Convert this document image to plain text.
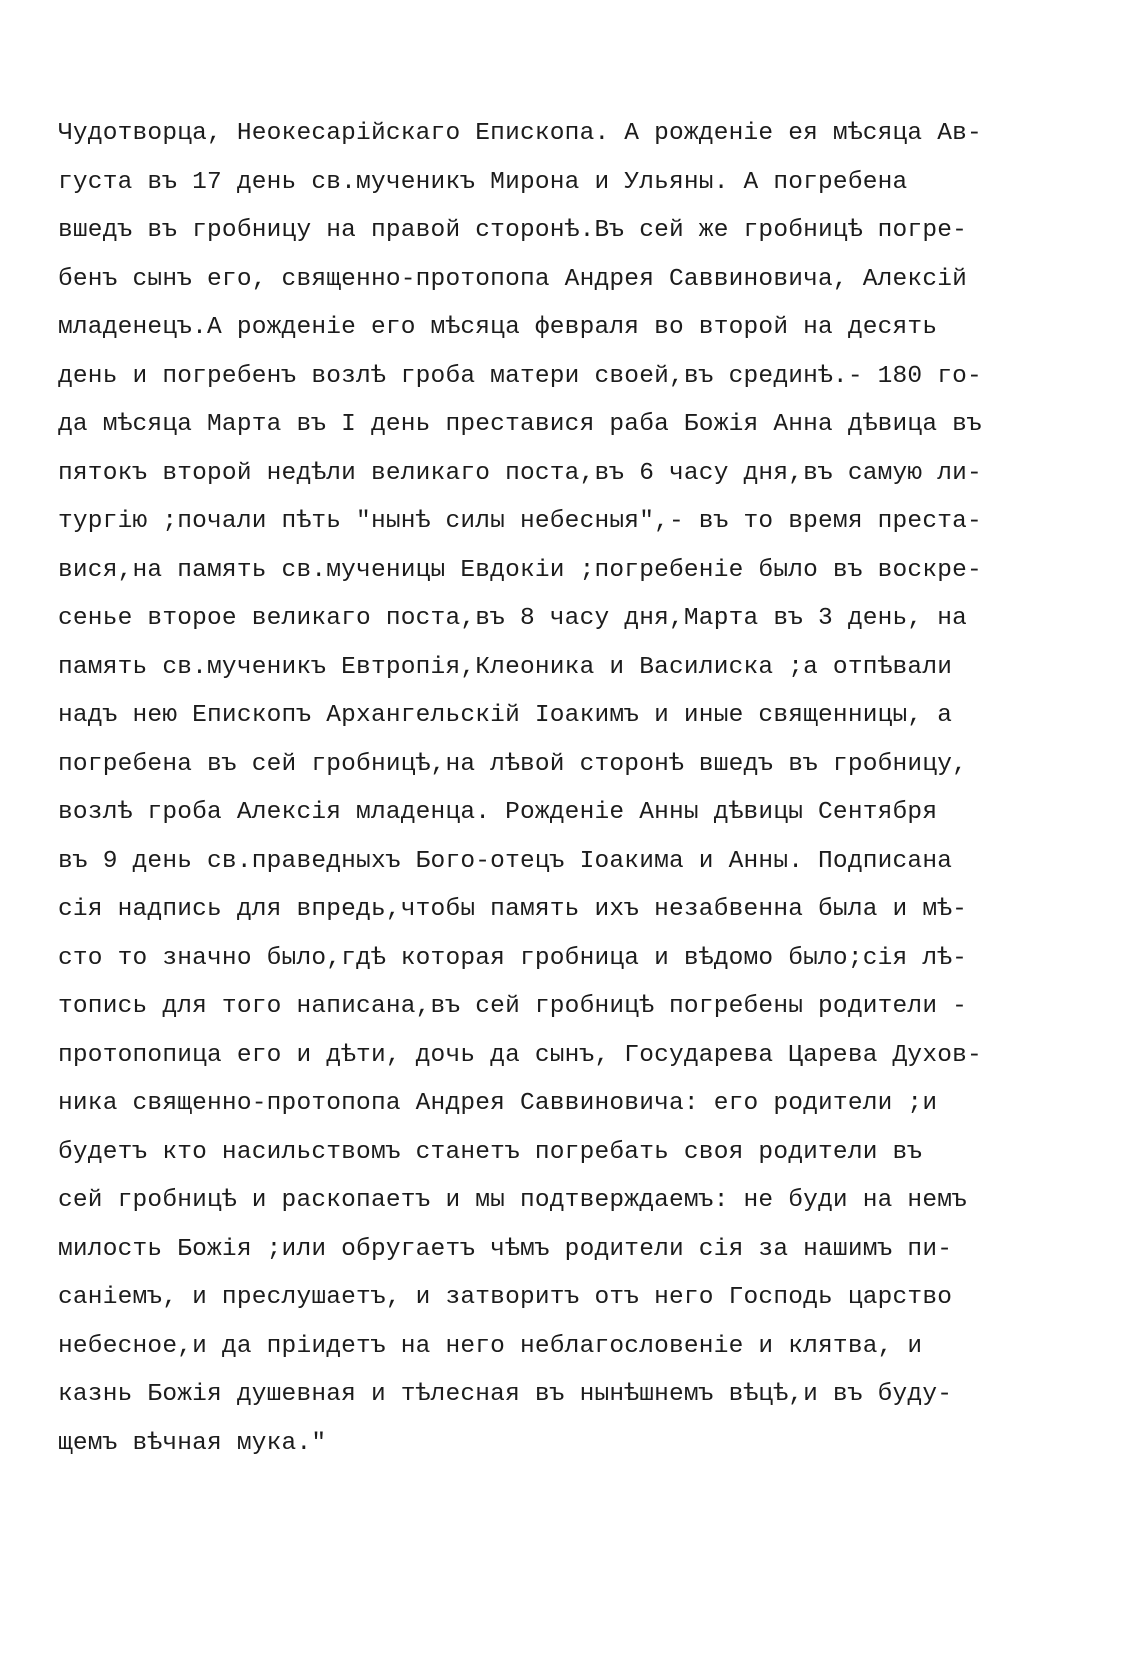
Чудотворца, Неокесарійскаго Епископа. А рожденіе ея мѣсяца Ав-
густа въ 17 день св.мученикъ Мирона и Ульяны. А погребена
вшедъ въ гробницу на правой сторонѣ.Въ сей же гробницѣ погре-
бенъ сынъ его, священно-протопопа Андрея Саввиновича, Алексій
младенецъ.А рожденіе его мѣсяца февраля во второй на десять
день и погребенъ возлѣ гроба матери своей,въ срединѣ.- 180 го-
да мѣсяца Марта въ I день преставися раба Божія Анна дѣвица въ
пятокъ второй недѣли великаго поста,въ 6 часу дня,въ самую ли-
тургію ;почали пѣть "нынѣ силы небесныя",- въ то время преста-
вися,на память св.мученицы Евдокіи ;погребеніе было въ воскре-
сенье второе великаго поста,въ 8 часу дня,Марта въ 3 день, на
память св.мученикъ Евтропія,Клеоника и Василиска ;а отпѣвали
надъ нею Епископъ Архангельскій Іоакимъ и иные священницы, а
погребена въ сей гробницѣ,на лѣвой сторонѣ вшедъ въ гробницу,
возлѣ гроба Алексія младенца. Рожденіе Анны дѣвицы Сентября
въ 9 день св.праведныхъ Бого-отецъ Іоакима и Анны. Подписана
сія надпись для впредь,чтобы память ихъ незабвенна была и мѣ-
сто то значно было,гдѣ которая гробница и вѣдомо было;сія лѣ-
топись для того написана,въ сей гробницѣ погребены родители -
протопопица его и дѣти, дочь да сынъ, Государева Царева Духов-
ника священно-протопопа Андрея Саввиновича: его родители ;и
будетъ кто насильствомъ станетъ погребать своя родители въ
сей гробницѣ и раскопаетъ и мы подтверждаемъ: не буди на немъ
милость Божія ;или обругаетъ чѣмъ родители сія за нашимъ пи-
саніемъ, и преслушаетъ, и затворитъ отъ него Господь царство
небесное,и да пріидетъ на него неблагословеніе и клятва, и
казнь Божія душевная и тѣлесная въ нынѣшнемъ вѣцѣ,и въ буду-
щемъ вѣчная мука."
